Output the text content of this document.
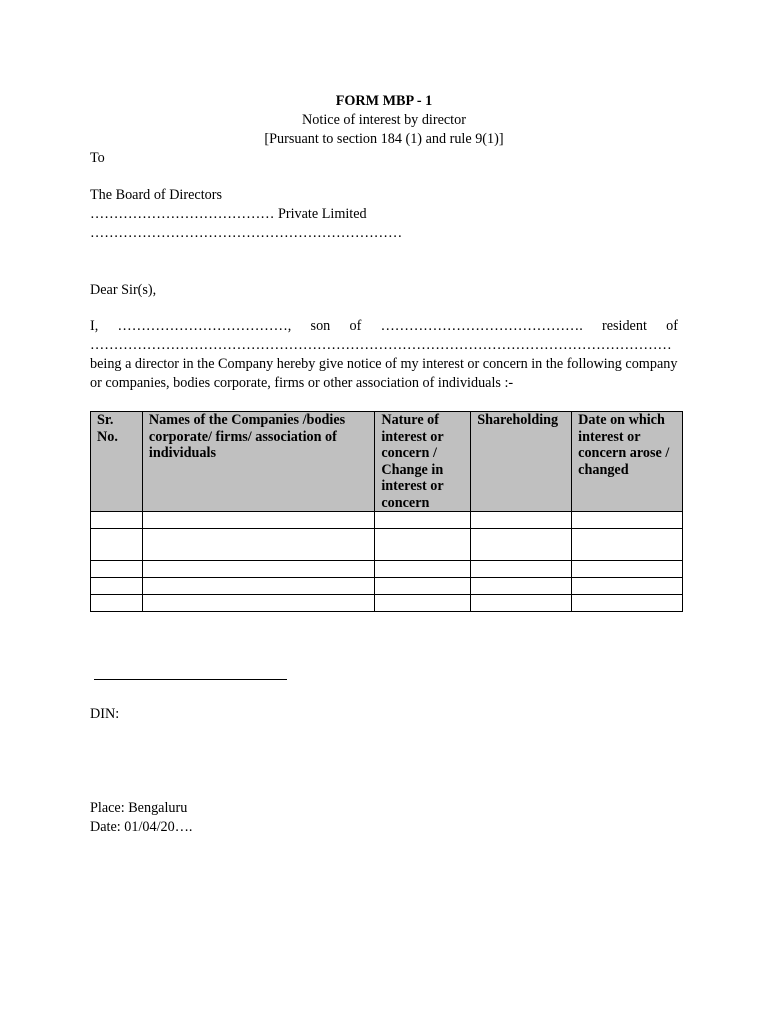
FORM MBP - 1
Notice of interest by director
[Pursuant to section 184 (1) and rule 9(1)]
To
The Board of Directors
………………………………… Private Limited
…………………………………………………………
Dear Sir(s),
I, ………………………………, son of ……………………………………. resident of
……………………………………………………………………………………………………………
being a director in the Company hereby give notice of my interest or concern in the following company or companies, bodies corporate, firms or other association of individuals :-
Sr. No.	Names of the Companies /bodies corporate/ firms/ association of individuals	Nature of interest or concern / Change in interest or concern	Shareholding	Date on which interest or concern arose / changed

DIN:
Place: Bengaluru
Date: 01/04/20….
